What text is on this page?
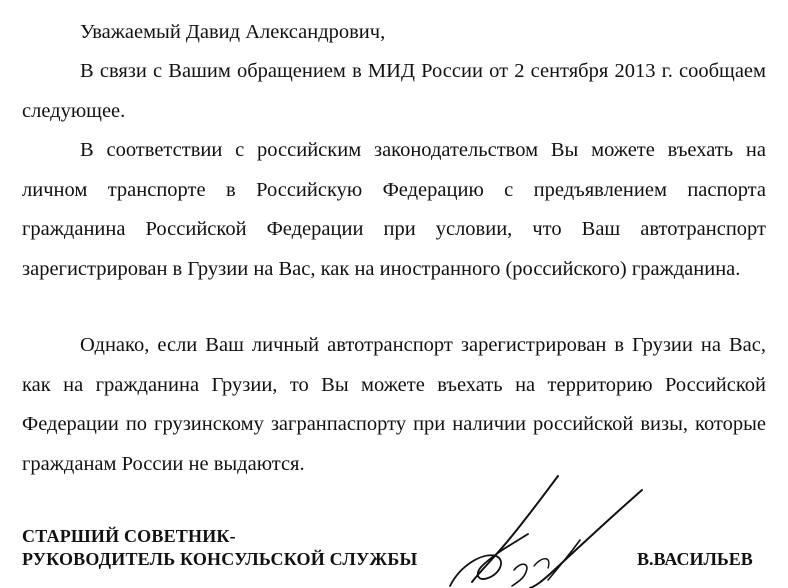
Уважаемый Давид Александрович,

В связи с Вашим обращением в МИД России от 2 сентября 2013 г. сообщаем следующее.

В соответствии с российским законодательством Вы можете въехать на личном транспорте в Российскую Федерацию с предъявлением паспорта гражданина Российской Федерации при условии, что Ваш автотранспорт зарегистрирован в Грузии на Вас, как на иностранного (российского) гражданина.

Однако, если Ваш личный автотранспорт зарегистрирован в Грузии на Вас, как на гражданина Грузии, то Вы можете въехать на территорию Российской Федерации по грузинскому загранпаспорту при наличии российской визы, которые гражданам России не выдаются.

СТАРШИЙ СОВЕТНИК-
РУКОВОДИТЕЛЬ КОНСУЛЬСКОЙ СЛУЖБЫ	В.ВАСИЛЬЕВ
